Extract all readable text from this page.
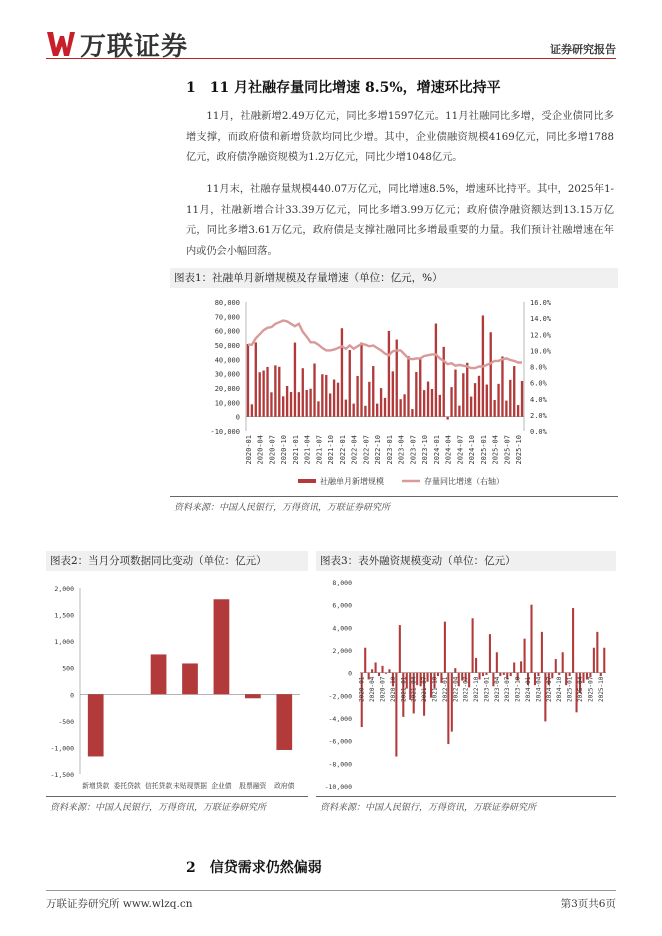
万联证券	证券研究报告
1 11 月社融存量同比增速 8.5%，增速环比持平
11月，社融新增2.49万亿元，同比多增1597亿元。11月社融同比多增，受企业债同比多增支撑，而政府债和新增贷款均同比少增。其中，企业债融资规模4169亿元，同比多增1788亿元，政府债净融资规模为1.2万亿元，同比少增1048亿元。
11月末，社融存量规模440.07万亿元，同比增速8.5%，增速环比持平。其中，2025年1-11月，社融新增合计33.39万亿元，同比多增3.99万亿元；政府债净融资额达到13.15万亿元，同比多增3.61万亿元，政府债是支撑社融同比多增最重要的力量。我们预计社融增速在年内或仍会小幅回落。
图表1：社融单月新增规模及存量增速（单位：亿元，%）
-10,000
0
10,000
20,000
30,000
40,000
50,000
60,000
70,000
80,000
0.0%
2.0%
4.0%
6.0%
8.0%
10.0%
12.0%
14.0%
16.0%
2020-01 2020-04 2020-07 2020-10 2021-01 2021-04 2021-07 2021-10 2022-01 2022-04 2022-07 2022-10 2023-01 2023-04 2023-07 2023-10 2024-01 2024-04 2024-07 2024-10 2025-01 2025-04 2025-07 2025-10
社融单月新增规模	存量同比增速（右轴）
资料来源：中国人民银行，万得资讯，万联证券研究所
图表2：当月分项数据同比变动（单位：亿元）
-1,500
-1,000
-500
0
500
1,000
1,500
2,000
新增贷款 委托贷款 信托贷款 未贴现票据 企业债 股票融资 政府债
资料来源：中国人民银行，万得资讯，万联证券研究所
图表3：表外融资规模变动（单位：亿元）
-10,000
-8,000
-6,000
-4,000
-2,000
0
2,000
4,000
6,000
8,000
2020-01 2020-04 2020-07 2020-10 2021-01 2021-04 2021-07 2021-10 2022-01 2022-04 2022-07 2022-10 2023-01 2023-04 2023-07 2023-10 2024-01 2024-04 2024-07 2024-10 2025-01 2025-04 2025-07 2025-10
资料来源：中国人民银行，万得资讯，万联证券研究所
2 信贷需求仍然偏弱
万联证券研究所 www.wlzq.cn	第3页共6页
